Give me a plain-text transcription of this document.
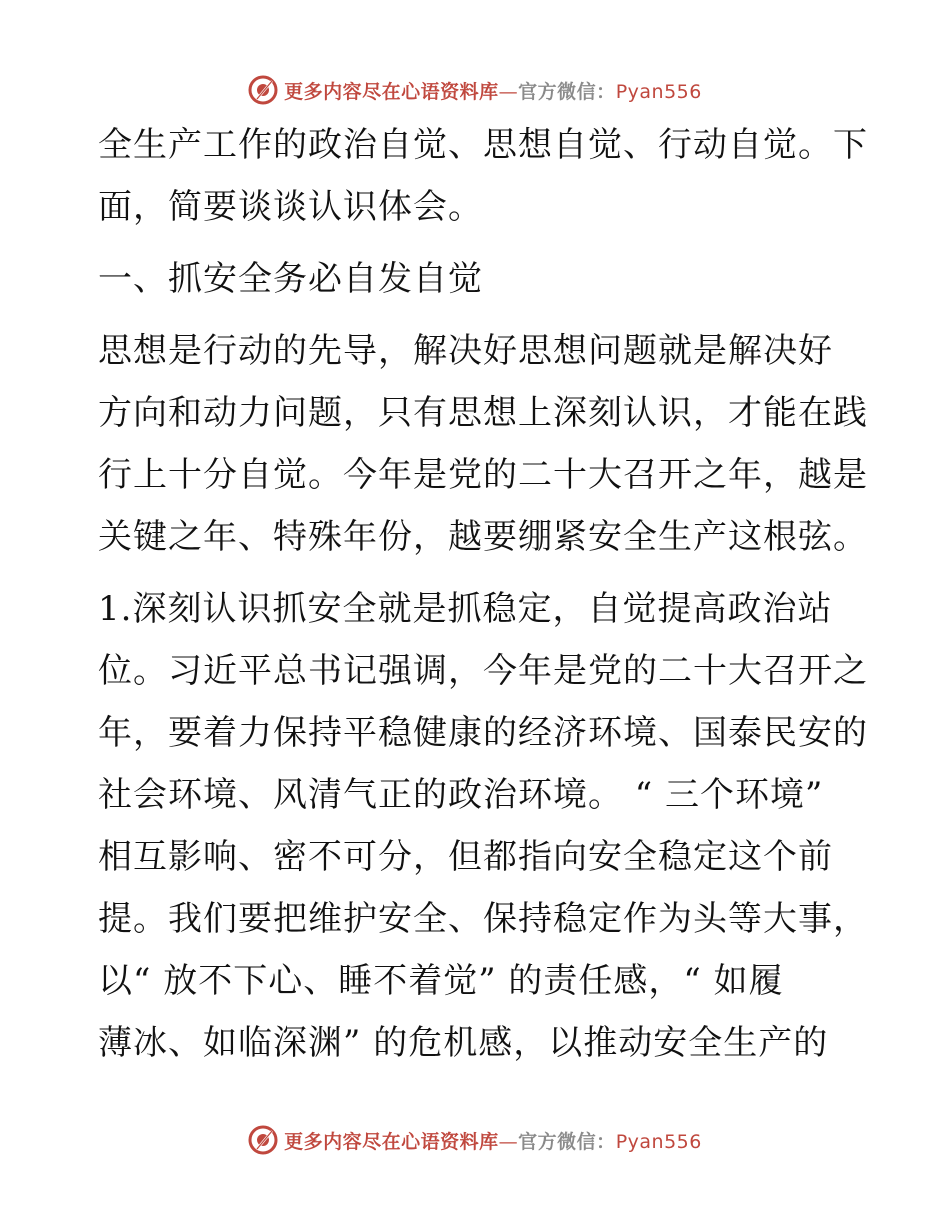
更多内容尽在心语资料库—官方微信：Pyan556
全生产工作的政治自觉、思想自觉、行动自觉。下
面，简要谈谈认识体会。
一、抓安全务必自发自觉
思想是行动的先导，解决好思想问题就是解决好
方向和动力问题，只有思想上深刻认识，才能在践
行上十分自觉。今年是党的二十大召开之年，越是
关键之年、特殊年份，越要绷紧安全生产这根弦。
1.深刻认识抓安全就是抓稳定，自觉提高政治站
位。习近平总书记强调，今年是党的二十大召开之
年，要着力保持平稳健康的经济环境、国泰民安的
社会环境、风清气正的政治环境。 “ 三个环境”
相互影响、密不可分，但都指向安全稳定这个前
提。我们要把维护安全、保持稳定作为头等大事，
以“ 放不下心、睡不着觉” 的责任感，“ 如履
薄冰、如临深渊” 的危机感，以推动安全生产的
更多内容尽在心语资料库—官方微信：Pyan556
